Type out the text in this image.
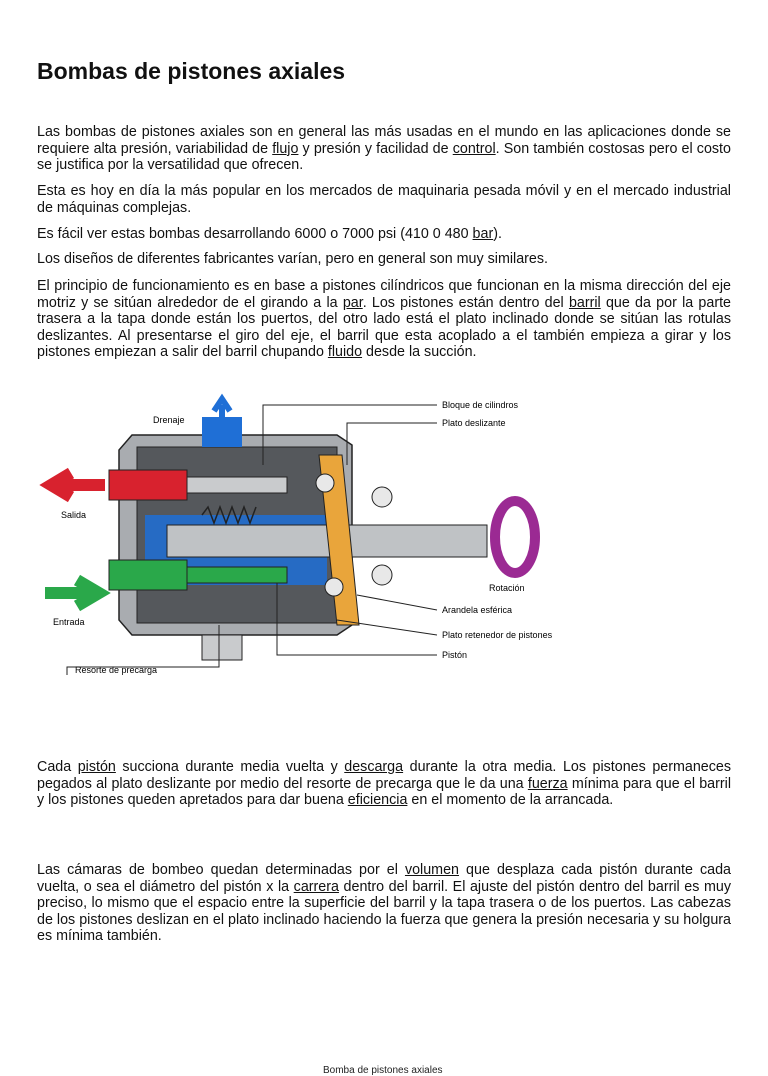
Bombas de pistones axiales

Las bombas de pistones axiales son en general las más usadas en el mundo en las aplicaciones donde se requiere alta presión, variabilidad de flujo y presión y facilidad de control. Son también costosas pero el costo se justifica por la versatilidad que ofrecen.

Esta es hoy en día la más popular en los mercados de maquinaria pesada móvil y en el mercado industrial de máquinas complejas.

Es fácil ver estas bombas desarrollando 6000 o 7000 psi (410 0 480 bar).

Los diseños de diferentes fabricantes varían, pero en general son muy similares.

El principio de funcionamiento es en base a pistones cilíndricos que funcionan en la misma dirección del eje motriz y se sitúan alrededor de el girando a la par. Los pistones están dentro del barril que da por la parte trasera a la tapa donde están los puertos, del otro lado está el plato inclinado donde se sitúan las rotulas deslizantes. Al presentarse el giro del eje, el barril que esta acoplado a el también empieza a girar y los pistones empiezan a salir del barril chupando fluido desde la succión.

Drenaje
Salida
Entrada
Resorte de precarga
Bloque de cilindros
Plato deslizante
Rotación
Arandela esférica
Plato retenedor de pistones
Pistón
Bomba de pistones axiales

Cada pistón succiona durante media vuelta y descarga durante la otra media. Los pistones permaneces pegados al plato deslizante por medio del resorte de precarga que le da una fuerza mínima para que el barril y los pistones queden apretados para dar buena eficiencia en el momento de la arrancada.

Las cámaras de bombeo quedan determinadas por el volumen que desplaza cada pistón durante cada vuelta, o sea el diámetro del pistón x la carrera dentro del barril. El ajuste del pistón dentro del barril es muy preciso, lo mismo que el espacio entre la superficie del barril y la tapa trasera o de los puertos. Las cabezas de los pistones deslizan en el plato inclinado haciendo la fuerza que genera la presión necesaria y su holgura es mínima también.
